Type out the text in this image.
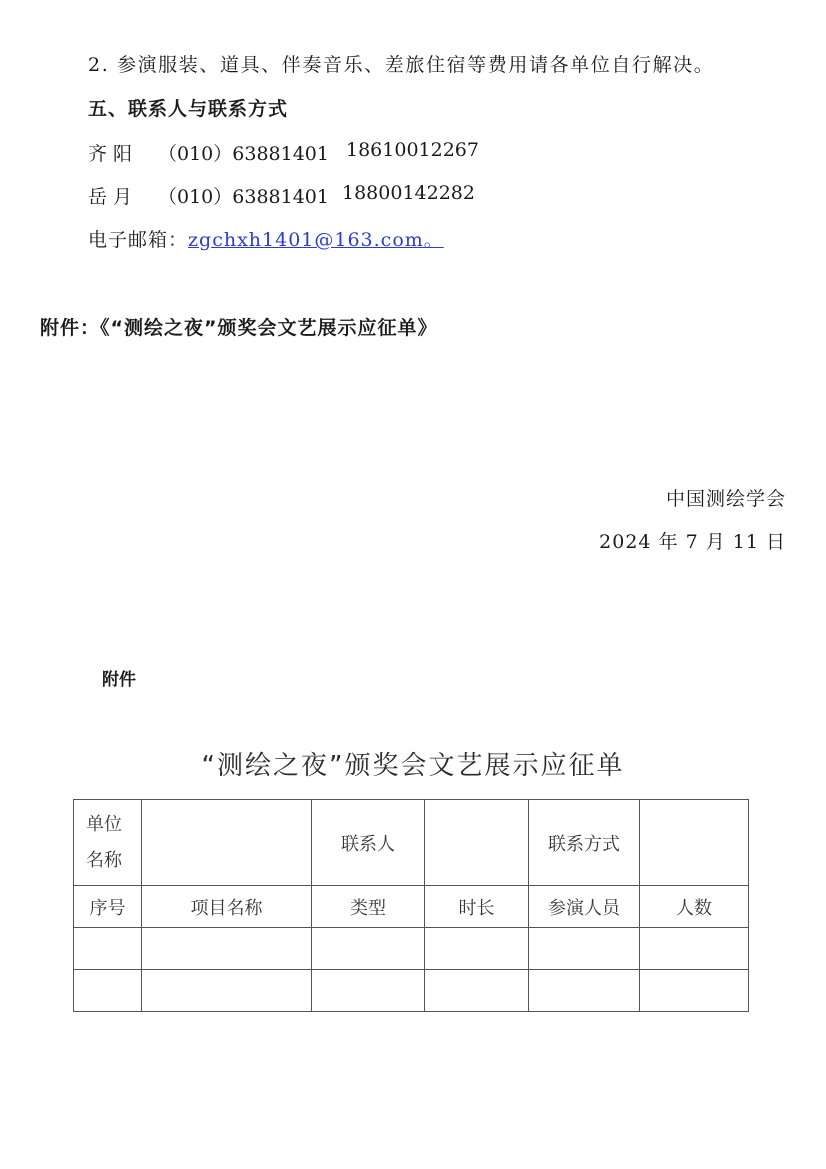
2. 参演服装、道具、伴奏音乐、差旅住宿等费用请各单位自行解决。
五、联系人与联系方式
齐 阳 （010）63881401 18610012267
岳 月 （010）63881401 18800142282
电子邮箱：zgchxh1401@163.com。
附件：《“测绘之夜”颁奖会文艺展示应征单》
中国测绘学会
2024 年 7 月 11 日
附件
“测绘之夜”颁奖会文艺展示应征单
单位
名称		联系人		联系方式	
序号	项目名称	类型	时长	参演人员	人数
